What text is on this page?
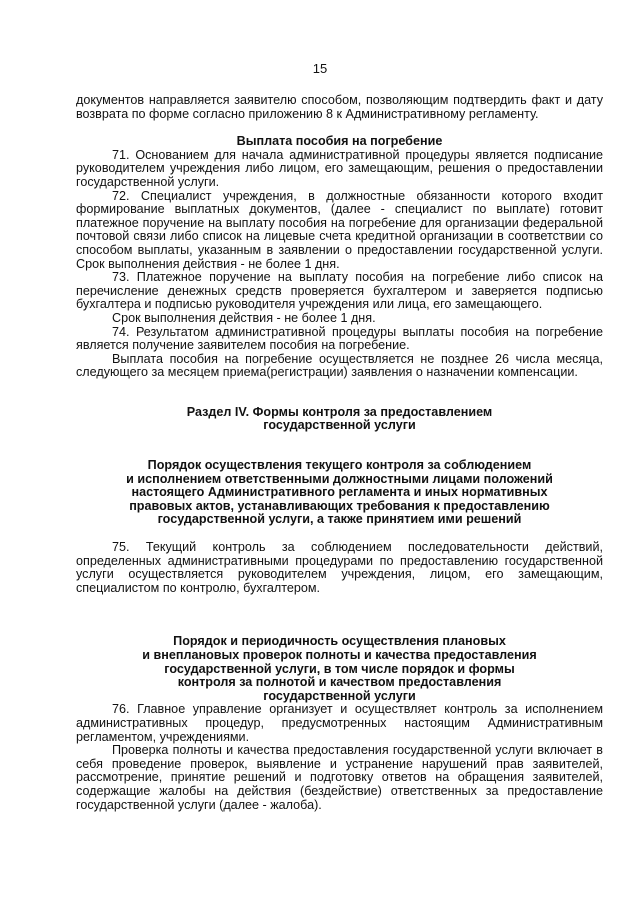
15

документов направляется заявителю способом, позволяющим подтвердить факт и дату возврата по форме согласно приложению 8 к Административному регламенту.

Выплата пособия на погребение

71. Основанием для начала административной процедуры является подписание руководителем учреждения либо лицом, его замещающим, решения о предоставлении государственной услуги.

72. Специалист учреждения, в должностные обязанности которого входит формирование выплатных документов, (далее - специалист по выплате) готовит платежное поручение на выплату пособия на погребение для организации федеральной почтовой связи либо список на лицевые счета кредитной организации в соответствии со способом выплаты, указанным в заявлении о предоставлении государственной услуги. Срок выполнения действия - не более 1 дня.

73. Платежное поручение на выплату пособия на погребение либо список на перечисление денежных средств проверяется бухгалтером и заверяется подписью бухгалтера и подписью руководителя учреждения или лица, его замещающего.

Срок выполнения действия - не более 1 дня.

74. Результатом административной процедуры выплаты пособия на погребение является получение заявителем пособия на погребение.

Выплата пособия на погребение осуществляется не позднее 26 числа месяца, следующего за месяцем приема(регистрации) заявления о назначении компенсации.

Раздел IV. Формы контроля за предоставлением
государственной услуги
Порядок осуществления текущего контроля за соблюдением
и исполнением ответственными должностными лицами положений
настоящего Административного регламента и иных нормативных
правовых актов, устанавливающих требования к предоставлению
государственной услуги, а также принятием ими решений

75. Текущий контроль за соблюдением последовательности действий, определенных административными процедурами по предоставлению государственной услуги осуществляется руководителем учреждения, лицом, его замещающим, специалистом по контролю, бухгалтером.

Порядок и периодичность осуществления плановых
и внеплановых проверок полноты и качества предоставления
государственной услуги, в том числе порядок и формы
контроля за полнотой и качеством предоставления
государственной услуги

76. Главное управление организует и осуществляет контроль за исполнением административных процедур, предусмотренных настоящим Административным регламентом, учреждениями.

Проверка полноты и качества предоставления государственной услуги включает в себя проведение проверок, выявление и устранение нарушений прав заявителей, рассмотрение, принятие решений и подготовку ответов на обращения заявителей, содержащие жалобы на действия (бездействие) ответственных за предоставление государственной услуги (далее - жалоба).
